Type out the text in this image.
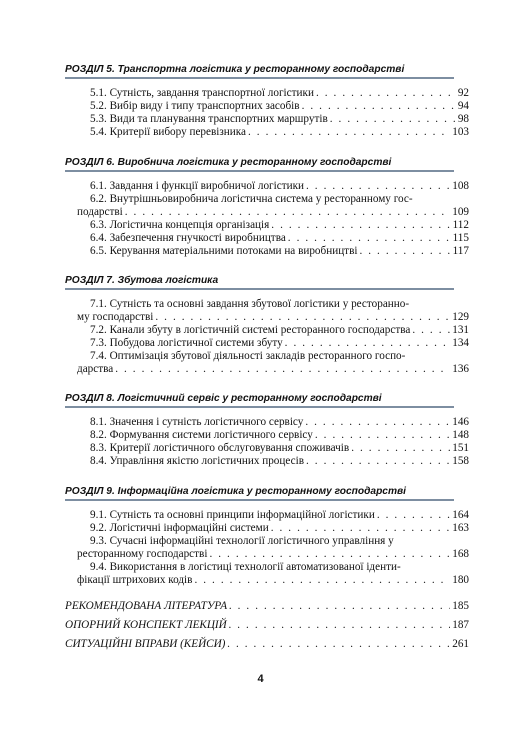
РОЗДІЛ 5. Транспортна логістика у ресторанному господарстві
5.1. Сутність, завдання транспортної логістики . . .	92
5.2. Вибір виду і типу транспортних засобів . . .	94
5.3. Види та планування транспортних маршрутів . . .	98
5.4. Критерії вибору перевізника . . .	103
РОЗДІЛ 6. Виробнича логістика у ресторанному господарстві
6.1. Завдання і функції виробничої логістики . . .	108
6.2. Внутрішньовиробнича логістична система у ресторанному гос-
подарстві . . .	109
6.3. Логістична концепція організація . . .	112
6.4. Забезпечення гнучкості виробництва . . .	115
6.5. Керування матеріальними потоками на виробництві . . .	117
РОЗДІЛ 7. Збутова логістика
7.1. Сутність та основні завдання збутової логістики у ресторанно-
му господарстві . . .	129
7.2. Канали збуту в логістичній системі ресторанного господарства . . .	131
7.3. Побудова логістичної системи збуту . . .	134
7.4. Оптимізація збутової діяльності закладів ресторанного госпо-
дарства . . .	136
РОЗДІЛ 8. Логістичний сервіс у ресторанному господарстві
8.1. Значення і сутність логістичного сервісу . . .	146
8.2. Формування системи логістичного сервісу . . .	148
8.3. Критерії логістичного обслуговування споживачів . . .	151
8.4. Управління якістю логістичних процесів . . .	158
РОЗДІЛ 9. Інформаційна логістика у ресторанному господарстві
9.1. Сутність та основні принципи інформаційної логістики . . .	164
9.2. Логістичні інформаційні системи . . .	163
9.3. Сучасні інформаційні технології логістичного управління у
ресторанному господарстві . . .	168
9.4. Використання в логістиці технології автоматизованої іденти-
фікації штрихових кодів . . .	180
РЕКОМЕНДОВАНА ЛІТЕРАТУРА . . .	185
ОПОРНИЙ КОНСПЕКТ ЛЕКЦІЙ . . .	187
СИТУАЦІЙНІ ВПРАВИ (КЕЙСИ) . . .	261
4
